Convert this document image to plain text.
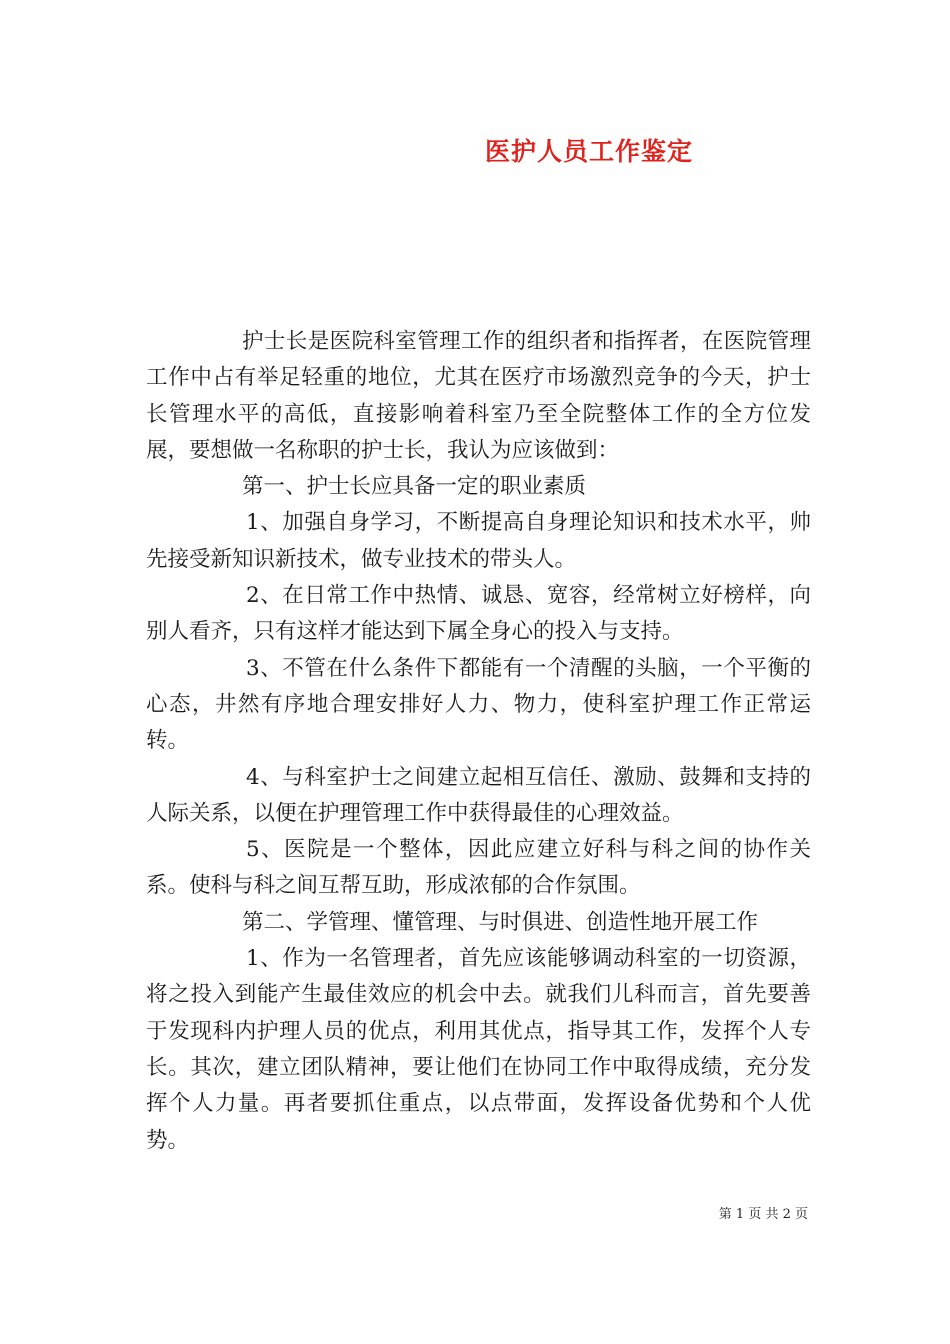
医护人员工作鉴定

护士长是医院科室管理工作的组织者和指挥者，在医院管理工作中占有举足轻重的地位，尤其在医疗市场激烈竞争的今天，护士长管理水平的高低，直接影响着科室乃至全院整体工作的全方位发展，要想做一名称职的护士长，我认为应该做到：

第一、护士长应具备一定的职业素质

1、加强自身学习，不断提高自身理论知识和技术水平，帅先接受新知识新技术，做专业技术的带头人。

2、在日常工作中热情、诚恳、宽容，经常树立好榜样，向别人看齐，只有这样才能达到下属全身心的投入与支持。

3、不管在什么条件下都能有一个清醒的头脑，一个平衡的心态，井然有序地合理安排好人力、物力，使科室护理工作正常运转。

4、与科室护士之间建立起相互信任、激励、鼓舞和支持的人际关系，以便在护理管理工作中获得最佳的心理效益。

5、医院是一个整体，因此应建立好科与科之间的协作关系。使科与科之间互帮互助，形成浓郁的合作氛围。

第二、学管理、懂管理、与时俱进、创造性地开展工作

1、作为一名管理者，首先应该能够调动科室的一切资源，将之投入到能产生最佳效应的机会中去。就我们儿科而言，首先要善于发现科内护理人员的优点，利用其优点，指导其工作，发挥个人专长。其次，建立团队精神，要让他们在协同工作中取得成绩，充分发挥个人力量。再者要抓住重点，以点带面，发挥设备优势和个人优势。

第 1 页 共 2 页
